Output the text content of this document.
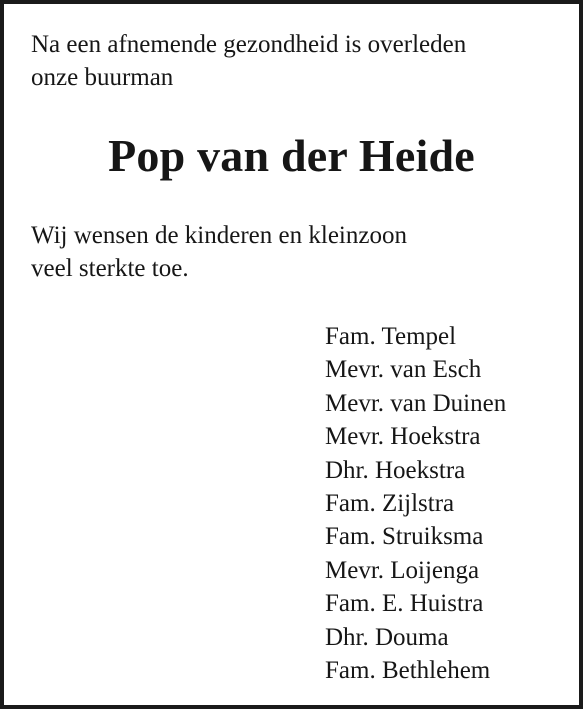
Na een afnemende gezondheid is overleden
onze buurman

Pop van der Heide

Wij wensen de kinderen en kleinzoon
veel sterkte toe.

Fam. Tempel
Mevr. van Esch
Mevr. van Duinen
Mevr. Hoekstra
Dhr. Hoekstra
Fam. Zijlstra
Fam. Struiksma
Mevr. Loijenga
Fam. E. Huistra
Dhr. Douma
Fam. Bethlehem
